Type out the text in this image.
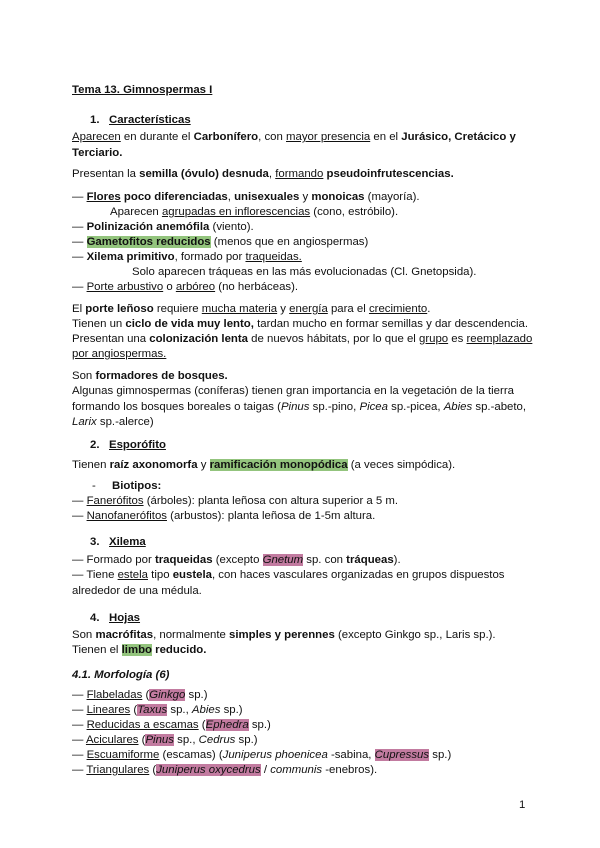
Tema 13. Gimnospermas I
1. Características
Aparecen en durante el Carbonífero, con mayor presencia en el Jurásico, Cretácico y
Terciario.
Presentan la semilla (óvulo) desnuda, formando pseudoinfrutescencias.
— Flores poco diferenciadas, unisexuales y monoicas (mayoría).
Aparecen agrupadas en inflorescencias (cono, estróbilo).
— Polinización anemófila (viento).
— Gametofitos reducidos (menos que en angiospermas)
— Xilema primitivo, formado por traqueidas.
Solo aparecen tráqueas en las más evolucionadas (Cl. Gnetopsida).
— Porte arbustivo o arbóreo (no herbáceas).
El porte leñoso requiere mucha materia y energía para el crecimiento.
Tienen un ciclo de vida muy lento, tardan mucho en formar semillas y dar descendencia.
Presentan una colonización lenta de nuevos hábitats, por lo que el grupo es reemplazado
por angiospermas.
Son formadores de bosques.
Algunas gimnospermas (coníferas) tienen gran importancia en la vegetación de la tierra
formando los bosques boreales o taigas (Pinus sp.-pino, Picea sp.-picea, Abies sp.-abeto,
Larix sp.-alerce)
2. Esporófito
Tienen raíz axonomorfa y ramificación monopódica (a veces simpódica).
- Biotipos:
— Fanerófitos (árboles): planta leñosa con altura superior a 5 m.
— Nanofanerófitos (arbustos): planta leñosa de 1-5m altura.
3. Xilema
— Formado por traqueidas (excepto Gnetum sp. con tráqueas).
— Tiene estela tipo eustela, con haces vasculares organizadas en grupos dispuestos
alrededor de una médula.
4. Hojas
Son macrófitas, normalmente simples y perennes (excepto Ginkgo sp., Laris sp.).
Tienen el limbo reducido.
4.1. Morfología (6)
— Flabeladas (Ginkgo sp.)
— Lineares (Taxus sp., Abies sp.)
— Reducidas a escamas (Ephedra sp.)
— Aciculares (Pinus sp., Cedrus sp.)
— Escuamiforme (escamas) (Juniperus phoenicea -sabina, Cupressus sp.)
— Triangulares (Juniperus oxycedrus / communis -enebros).
1
